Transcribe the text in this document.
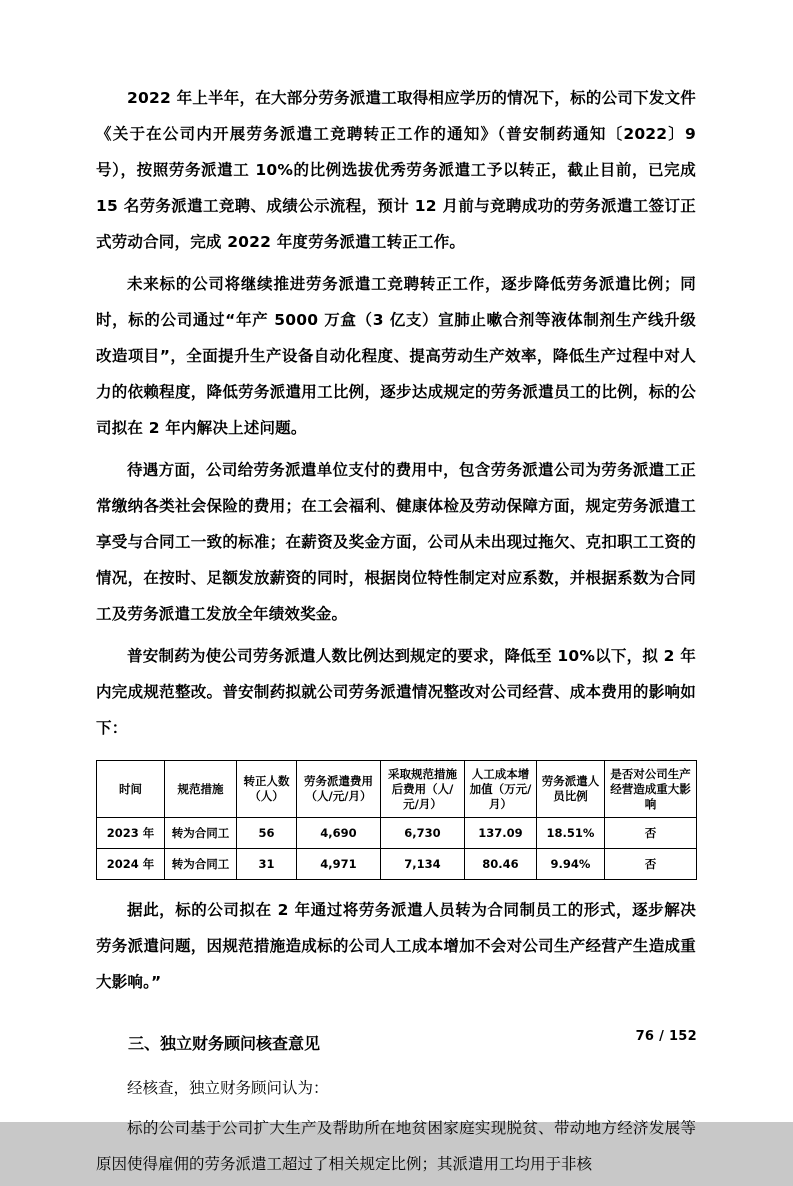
2022 年上半年，在大部分劳务派遣工取得相应学历的情况下，标的公司下发文件《关于在公司内开展劳务派遣工竞聘转正工作的通知》（普安制药通知〔2022〕9 号），按照劳务派遣工 10%的比例选拔优秀劳务派遣工予以转正，截止目前，已完成 15 名劳务派遣工竞聘、成绩公示流程，预计 12 月前与竞聘成功的劳务派遣工签订正式劳动合同，完成 2022 年度劳务派遣工转正工作。

未来标的公司将继续推进劳务派遣工竞聘转正工作，逐步降低劳务派遣比例；同时，标的公司通过“年产 5000 万盒（3 亿支）宣肺止嗽合剂等液体制剂生产线升级改造项目”，全面提升生产设备自动化程度、提高劳动生产效率，降低生产过程中对人力的依赖程度，降低劳务派遣用工比例，逐步达成规定的劳务派遣员工的比例，标的公司拟在 2 年内解决上述问题。

待遇方面，公司给劳务派遣单位支付的费用中，包含劳务派遣公司为劳务派遣工正常缴纳各类社会保险的费用；在工会福利、健康体检及劳动保障方面，规定劳务派遣工享受与合同工一致的标准；在薪资及奖金方面，公司从未出现过拖欠、克扣职工工资的情况，在按时、足额发放薪资的同时，根据岗位特性制定对应系数，并根据系数为合同工及劳务派遣工发放全年绩效奖金。

普安制药为使公司劳务派遣人数比例达到规定的要求，降低至 10%以下，拟 2 年内完成规范整改。普安制药拟就公司劳务派遣情况整改对公司经营、成本费用的影响如下：

时间	规范措施	转正人数（人）	劳务派遣费用（人/元/月）	采取规范措施后费用（人/元/月）	人工成本增加值（万元/月）	劳务派遣人员比例	是否对公司生产经营造成重大影响
2023 年	转为合同工	56	4,690	6,730	137.09	18.51%	否
2024 年	转为合同工	31	4,971	7,134	80.46	9.94%	否

据此，标的公司拟在 2 年通过将劳务派遣人员转为合同制员工的形式，逐步解决劳务派遣问题，因规范措施造成标的公司人工成本增加不会对公司生产经营产生造成重大影响。”

三、独立财务顾问核查意见

经核查，独立财务顾问认为：

标的公司基于公司扩大生产及帮助所在地贫困家庭实现脱贫、带动地方经济发展等原因使得雇佣的劳务派遣工超过了相关规定比例；其派遣用工均用于非核

76 / 152
